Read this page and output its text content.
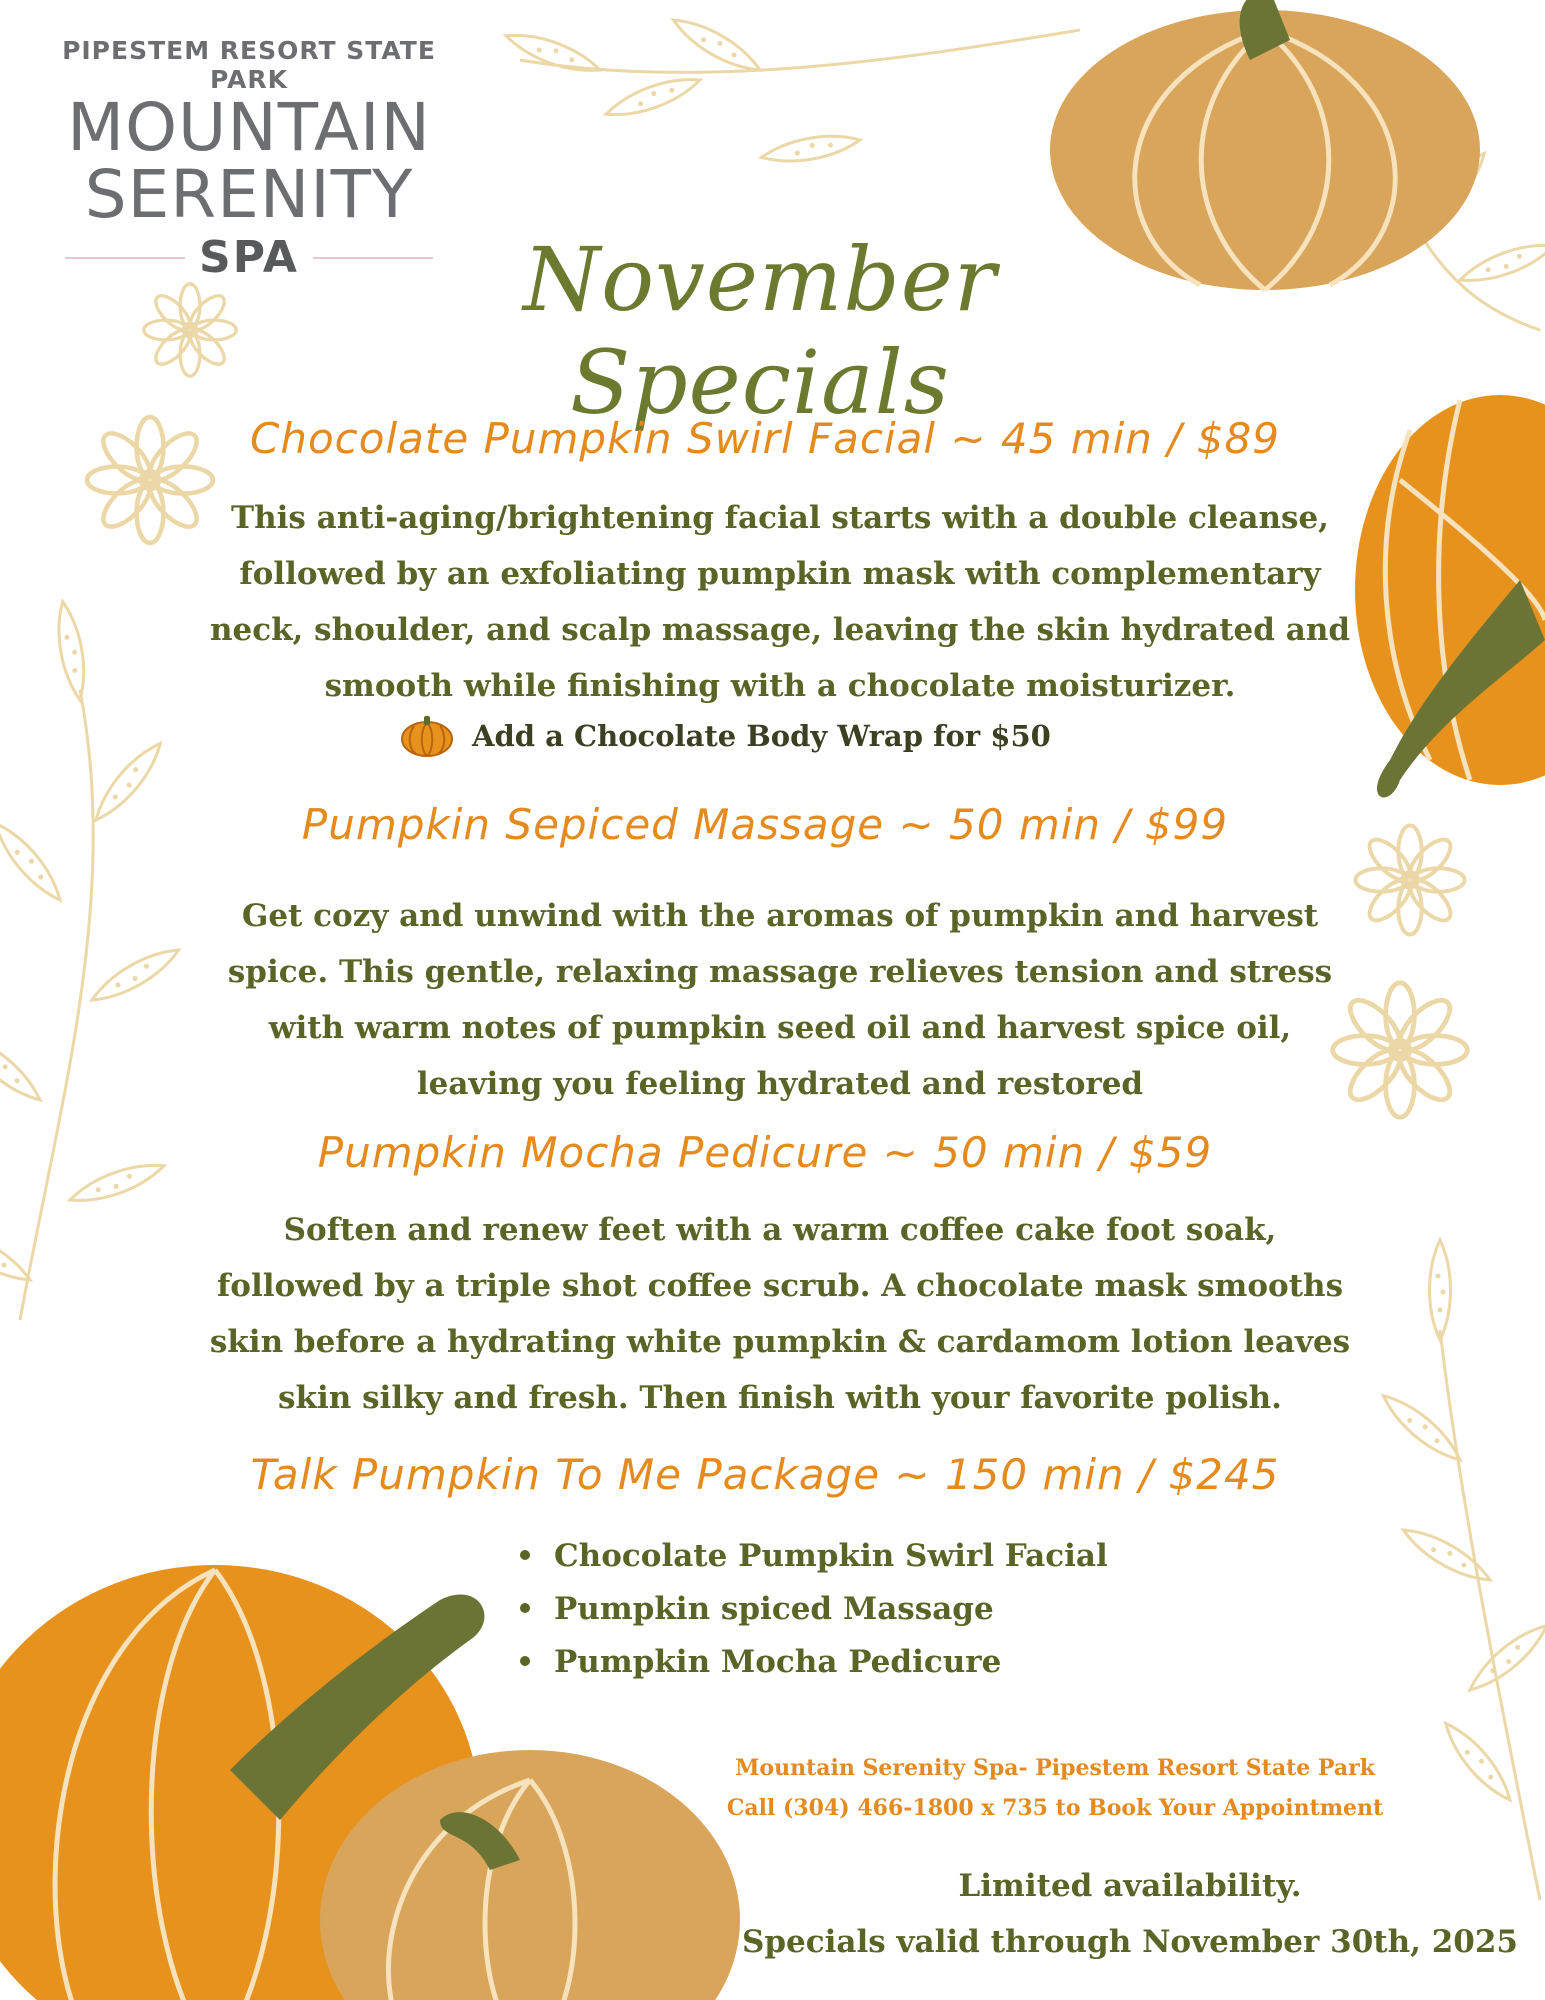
PIPESTEM RESORT STATE PARK
MOUNTAIN
SERENITY
SPA	November Specials
Chocolate Pumpkin Swirl Facial ~ 45 min / $89

This anti-aging/brightening facial starts with a double cleanse,

followed by an exfoliating pumpkin mask with complementary

neck, shoulder, and scalp massage, leaving the skin hydrated and

smooth while finishing with a chocolate moisturizer.

Add a Chocolate Body Wrap for $50
Pumpkin Sepiced Massage ~ 50 min / $99

Get cozy and unwind with the aromas of pumpkin and harvest

spice. This gentle, relaxing massage relieves tension and stress

with warm notes of pumpkin seed oil and harvest spice oil,

leaving you feeling hydrated and restored

Pumpkin Mocha Pedicure ~ 50 min / $59

Soften and renew feet with a warm coffee cake foot soak,

followed by a triple shot coffee scrub. A chocolate mask smooths

skin before a hydrating white pumpkin & cardamom lotion leaves

skin silky and fresh. Then finish with your favorite polish.

Talk Pumpkin To Me Package ~ 150 min / $245
Chocolate Pumpkin Swirl Facial
Pumpkin spiced Massage
Pumpkin Mocha Pedicure
Mountain Serenity Spa- Pipestem Resort State Park
Call (304) 466-1800 x 735 to Book Your Appointment
Limited availability.
Specials valid through November 30th, 2025
